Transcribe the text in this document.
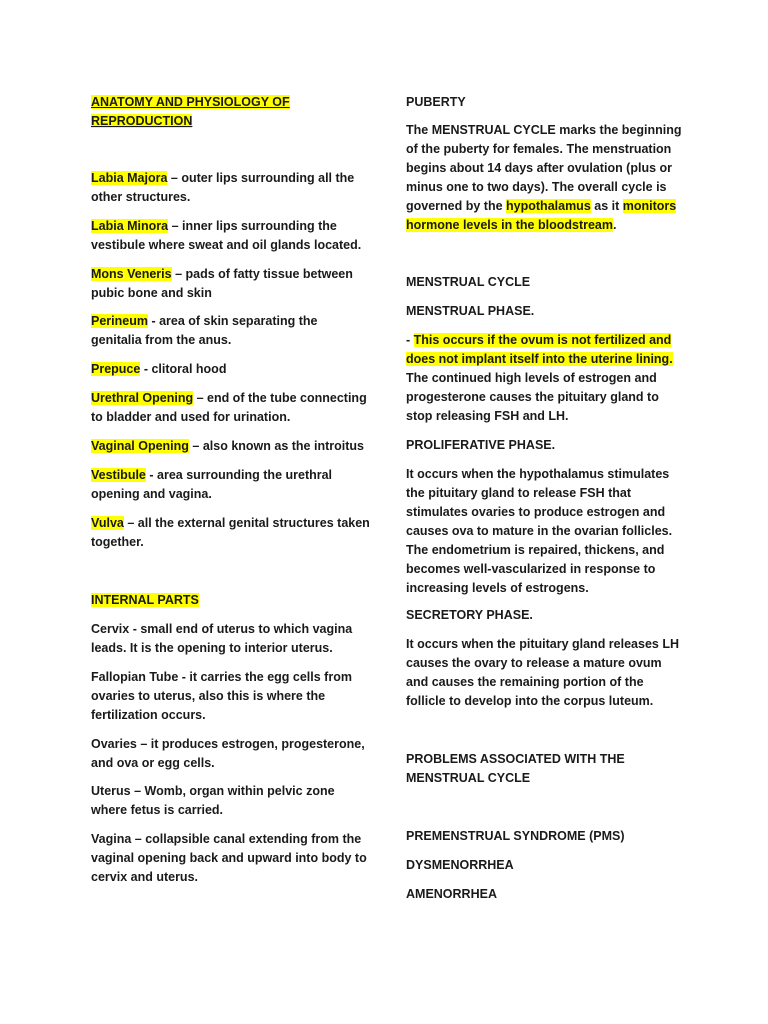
ANATOMY AND PHYSIOLOGY OF
REPRODUCTION

Labia Majora – outer lips surrounding all the other structures.

Labia Minora – inner lips surrounding the vestibule where sweat and oil glands located.

Mons Veneris – pads of fatty tissue between pubic bone and skin

Perineum - area of skin separating the genitalia from the anus.

Prepuce - clitoral hood

Urethral Opening – end of the tube connecting to bladder and used for urination.

Vaginal Opening – also known as the introitus

Vestibule - area surrounding the urethral opening and vagina.

Vulva – all the external genital structures taken together.

INTERNAL PARTS

Cervix - small end of uterus to which vagina leads. It is the opening to interior uterus.

Fallopian Tube - it carries the egg cells from ovaries to uterus, also this is where the fertilization occurs.

Ovaries – it produces estrogen, progesterone, and ova or egg cells.

Uterus – Womb, organ within pelvic zone where fetus is carried.

Vagina – collapsible canal extending from the vaginal opening back and upward into body to cervix and uterus.

PUBERTY

The MENSTRUAL CYCLE marks the beginning of the puberty for females. The menstruation begins about 14 days after ovulation (plus or minus one to two days). The overall cycle is governed by the hypothalamus as it monitors hormone levels in the bloodstream.

MENSTRUAL CYCLE

MENSTRUAL PHASE.

- This occurs if the ovum is not fertilized and does not implant itself into the uterine lining. The continued high levels of estrogen and progesterone causes the pituitary gland to stop releasing FSH and LH.

PROLIFERATIVE PHASE.

It occurs when the hypothalamus stimulates the pituitary gland to release FSH that stimulates ovaries to produce estrogen and causes ova to mature in the ovarian follicles. The endometrium is repaired, thickens, and becomes well-vascularized in response to increasing levels of estrogens.

SECRETORY PHASE.

It occurs when the pituitary gland releases LH causes the ovary to release a mature ovum and causes the remaining portion of the follicle to develop into the corpus luteum.

PROBLEMS ASSOCIATED WITH THE MENSTRUAL CYCLE

PREMENSTRUAL SYNDROME (PMS)

DYSMENORRHEA

AMENORRHEA
